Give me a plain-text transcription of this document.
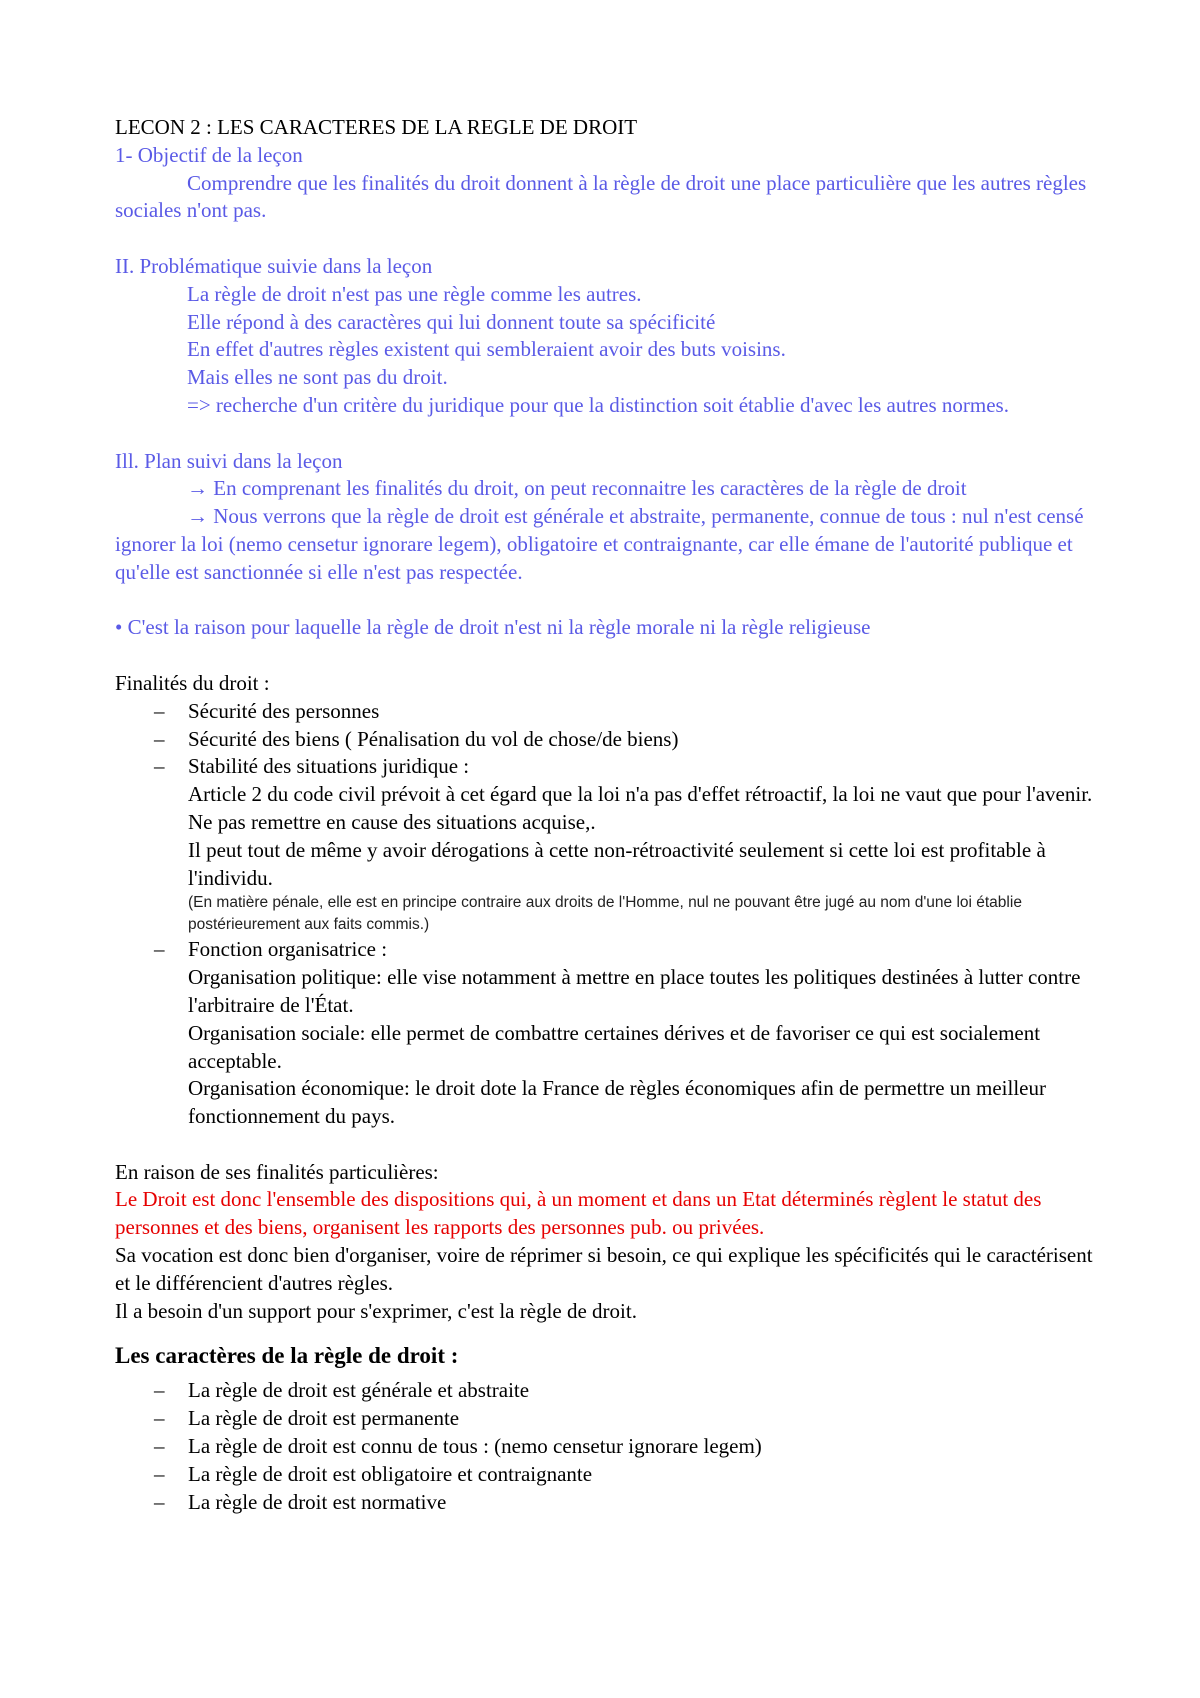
LECON 2 : LES CARACTERES DE LA REGLE DE DROIT

1- Objectif de la leçon

Comprendre que les finalités du droit donnent à la règle de droit une place particulière que les autres règles sociales n'ont pas.

II. Problématique suivie dans la leçon

La règle de droit n'est pas une règle comme les autres.

Elle répond à des caractères qui lui donnent toute sa spécificité

En effet d'autres règles existent qui sembleraient avoir des buts voisins.

Mais elles ne sont pas du droit.

=> recherche d'un critère du juridique pour que la distinction soit établie d'avec les autres normes.

Ill. Plan suivi dans la leçon

→ En comprenant les finalités du droit, on peut reconnaitre les caractères de la règle de droit

→ Nous verrons que la règle de droit est générale et abstraite, permanente, connue de tous : nul n'est censé ignorer la loi (nemo censetur ignorare legem), obligatoire et contraignante, car elle émane de l'autorité publique et qu'elle est sanctionnée si elle n'est pas respectée.

• C'est la raison pour laquelle la règle de droit n'est ni la règle morale ni la règle religieuse

Finalités du droit :

– Sécurité des personnes
– Sécurité des biens ( Pénalisation du vol de chose/de biens)
– Stabilité des situations juridique :

Article 2 du code civil prévoit à cet égard que la loi n'a pas d'effet rétroactif, la loi ne vaut que pour l'avenir. Ne pas remettre en cause des situations acquise,.

Il peut tout de même y avoir dérogations à cette non-rétroactivité seulement si cette loi est profitable à l'individu.

(En matière pénale, elle est en principe contraire aux droits de l'Homme, nul ne pouvant être jugé au nom d'une loi établie postérieurement aux faits commis.)

– Fonction organisatrice :

Organisation politique: elle vise notamment à mettre en place toutes les politiques destinées à lutter contre l'arbitraire de l'État.

Organisation sociale: elle permet de combattre certaines dérives et de favoriser ce qui est socialement acceptable.

Organisation économique: le droit dote la France de règles économiques afin de permettre un meilleur fonctionnement du pays.

En raison de ses finalités particulières:

Le Droit est donc l'ensemble des dispositions qui, à un moment et dans un Etat déterminés règlent le statut des personnes et des biens, organisent les rapports des personnes pub. ou privées.

Sa vocation est donc bien d'organiser, voire de réprimer si besoin, ce qui explique les spécificités qui le caractérisent et le différencient d'autres règles.

Il a besoin d'un support pour s'exprimer, c'est la règle de droit.

Les caractères de la règle de droit :

– La règle de droit est générale et abstraite
– La règle de droit est permanente
– La règle de droit est connu de tous : (nemo censetur ignorare legem)
– La règle de droit est obligatoire et contraignante
– La règle de droit est normative
